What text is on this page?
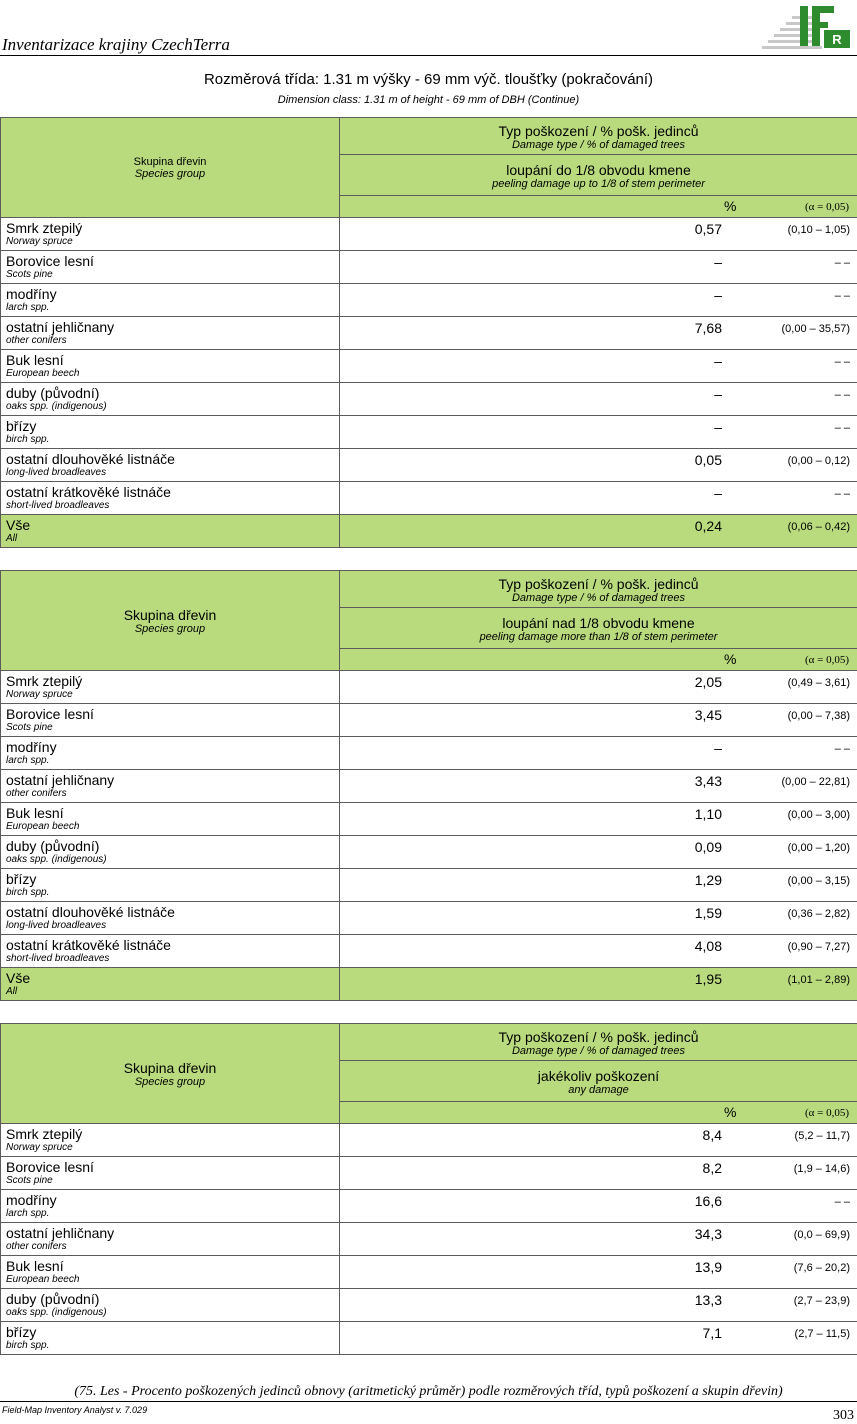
Inventarizace krajiny CzechTerra	R
Rozměrová třída: 1.31 m výšky - 69 mm výč. tloušťky (pokračování)
Dimension class: 1.31 m of height - 69 mm of DBH (Continue)
Skupina dřevin
Species group	Typ poškození / % pošk. jedinců
Damage type / % of damaged trees

	loupání do 1/8 obvodu kmene
peeling damage up to 1/8 of stem perimeter

	% (α = 0,05)

Smrk ztepilý
Norway spruce	0,57 (0,10 – 1,05)

Borovice lesní
Scots pine	– – –

modříny
larch spp.	– – –

ostatní jehličnany
other conifers	7,68 (0,00 – 35,57)

Buk lesní
European beech	– – –

duby (původní)
oaks spp. (indigenous)	– – –

břízy
birch spp.	– – –

ostatní dlouhověké listnáče
long-lived broadleaves	0,05 (0,00 – 0,12)

ostatní krátkověké listnáče
short-lived broadleaves	– – –

Vše
All	0,24 (0,06 – 0,42)
Skupina dřevin
Species group	Typ poškození / % pošk. jedinců
Damage type / % of damaged trees

	loupání nad 1/8 obvodu kmene
peeling damage more than 1/8 of stem perimeter

	% (α = 0,05)

Smrk ztepilý
Norway spruce	2,05 (0,49 – 3,61)

Borovice lesní
Scots pine	3,45 (0,00 – 7,38)

modříny
larch spp.	– – –

ostatní jehličnany
other conifers	3,43 (0,00 – 22,81)

Buk lesní
European beech	1,10 (0,00 – 3,00)

duby (původní)
oaks spp. (indigenous)	0,09 (0,00 – 1,20)

břízy
birch spp.	1,29 (0,00 – 3,15)

ostatní dlouhověké listnáče
long-lived broadleaves	1,59 (0,36 – 2,82)

ostatní krátkověké listnáče
short-lived broadleaves	4,08 (0,90 – 7,27)

Vše
All	1,95 (1,01 – 2,89)
Skupina dřevin
Species group	Typ poškození / % pošk. jedinců
Damage type / % of damaged trees

	jakékoliv poškození
any damage

	% (α = 0,05)

Smrk ztepilý
Norway spruce	8,4 (5,2 – 11,7)

Borovice lesní
Scots pine	8,2 (1,9 – 14,6)

modříny
larch spp.	16,6 – –

ostatní jehličnany
other conifers	34,3 (0,0 – 69,9)

Buk lesní
European beech	13,9 (7,6 – 20,2)

duby (původní)
oaks spp. (indigenous)	13,3 (2,7 – 23,9)

břízy
birch spp.	7,1 (2,7 – 11,5)
(75. Les - Procento poškozených jedinců obnovy (aritmetický průměr) podle rozměrových tříd, typů poškození a skupin dřevin)
Field-Map Inventory Analyst v. 7.029	303
